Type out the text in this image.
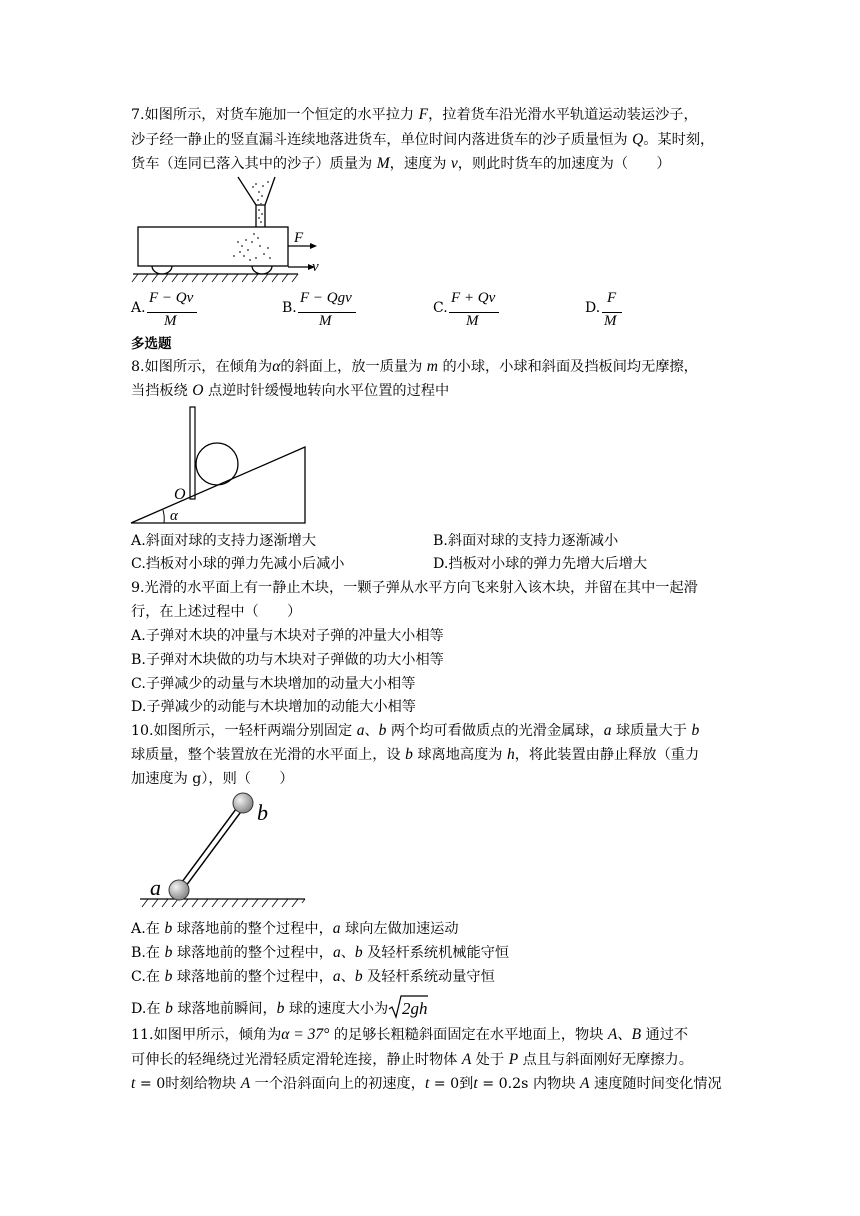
7.如图所示，对货车施加一个恒定的水平拉力 F，拉着货车沿光滑水平轨道运动装运沙子，
沙子经一静止的竖直漏斗连续地落进货车，单位时间内落进货车的沙子质量恒为 Q。某时刻，
货车（连同已落入其中的沙子）质量为 M，速度为 v，则此时货车的加速度为（　　）
F
v
A.
F − Qv
M
B.
F − Qgv
M
C.
F + Qv
M
D.
F
M
多选题
8.如图所示，在倾角为α的斜面上，放一质量为 m 的小球，小球和斜面及挡板间均无摩擦，
当挡板绕 O 点逆时针缓慢地转向水平位置的过程中
O
α
A.斜面对球的支持力逐渐增大	B.斜面对球的支持力逐渐减小
C.挡板对小球的弹力先减小后减小	D.挡板对小球的弹力先增大后增大
9.光滑的水平面上有一静止木块，一颗子弹从水平方向飞来射入该木块，并留在其中一起滑
行，在上述过程中（　　）
A.子弹对木块的冲量与木块对子弹的冲量大小相等
B.子弹对木块做的功与木块对子弹做的功大小相等
C.子弹减少的动量与木块增加的动量大小相等
D.子弹减少的动能与木块增加的动能大小相等
10.如图所示，一轻杆两端分别固定 a、b 两个均可看做质点的光滑金属球，a 球质量大于 b
球质量，整个装置放在光滑的水平面上，设 b 球离地高度为 h，将此装置由静止释放（重力
加速度为 g），则（　　）
a
b
A.在 b 球落地前的整个过程中，a 球向左做加速运动
B.在 b 球落地前的整个过程中，a、b 及轻杆系统机械能守恒
C.在 b 球落地前的整个过程中，a、b 及轻杆系统动量守恒
D.在 b 球落地前瞬间，b 球的速度大小为 2gh
11.如图甲所示，倾角为α = 37° 的足够长粗糙斜面固定在水平地面上，物块 A、B 通过不
可伸长的轻绳绕过光滑轻质定滑轮连接，静止时物体 A 处于 P 点且与斜面刚好无摩擦力。
t = 0时刻给物块 A 一个沿斜面向上的初速度，t = 0到t = 0.2s 内物块 A 速度随时间变化情况
